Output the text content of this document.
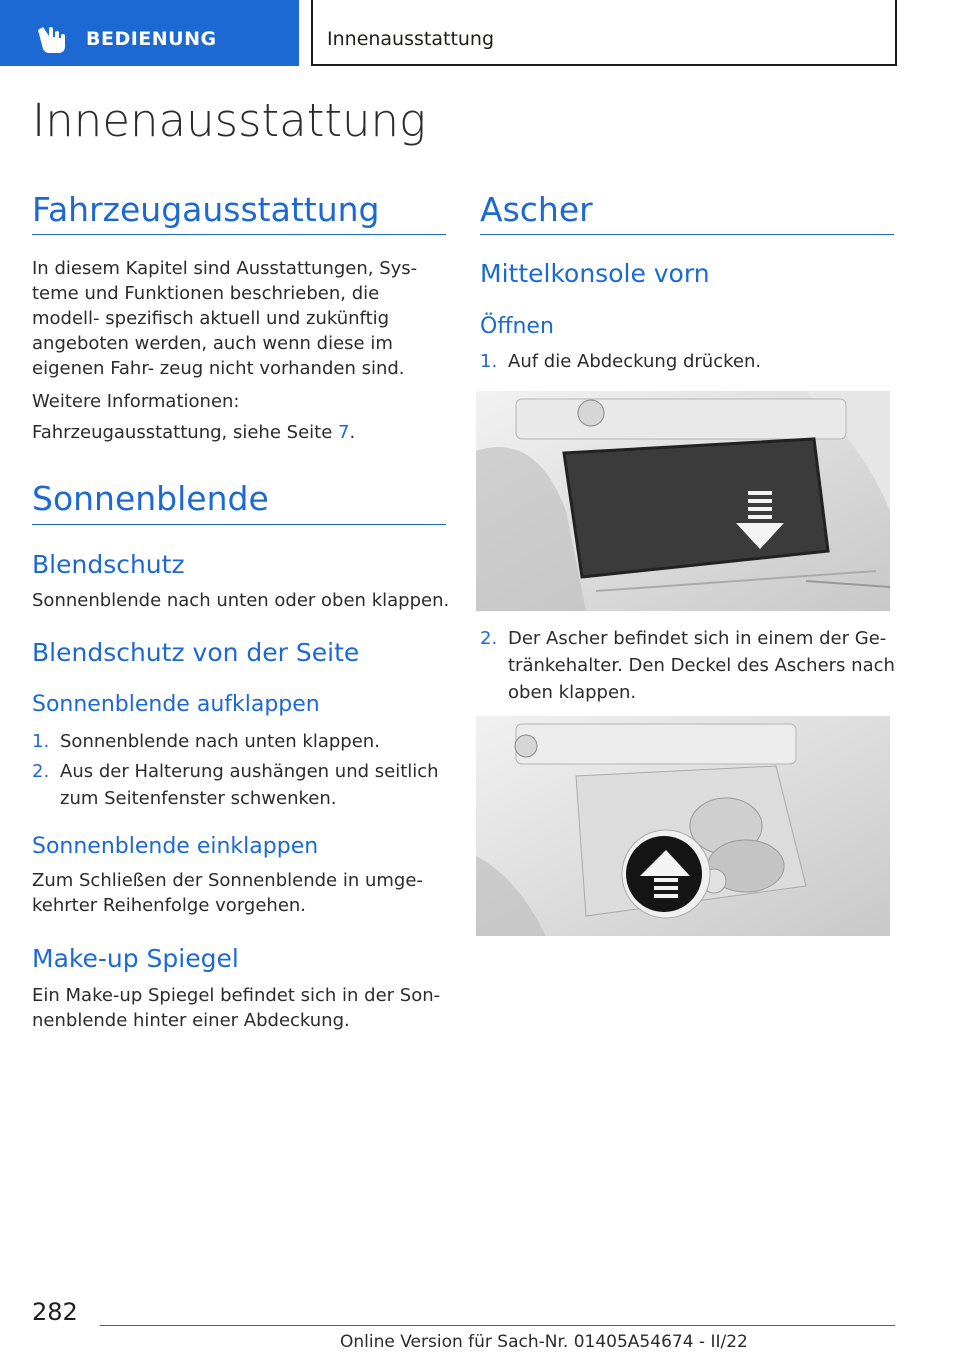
BEDIENUNG	Innenausstattung
Innenausstattung
Fahrzeugausstattung
In diesem Kapitel sind Ausstattungen, Sys- teme und Funktionen beschrieben, die modell- spezifisch aktuell und zukünftig angeboten werden, auch wenn diese im eigenen Fahr- zeug nicht vorhanden sind.
Weitere Informationen:
Fahrzeugausstattung, siehe Seite 7.
Sonnenblende
Blendschutz
Sonnenblende nach unten oder oben klappen.
Blendschutz von der Seite
Sonnenblende aufklappen
1. Sonnenblende nach unten klappen.
2. Aus der Halterung aushängen und seitlich zum Seitenfenster schwenken.
Sonnenblende einklappen
Zum Schließen der Sonnenblende in umge- kehrter Reihenfolge vorgehen.
Make-up Spiegel
Ein Make-up Spiegel befindet sich in der Son- nenblende hinter einer Abdeckung.
Ascher
Mittelkonsole vorn
Öffnen
1. Auf die Abdeckung drücken.
2. Der Ascher befindet sich in einem der Ge- tränkehalter. Den Deckel des Aschers nach oben klappen.
282
Online Version für Sach-Nr. 01405A54674 - II/22
